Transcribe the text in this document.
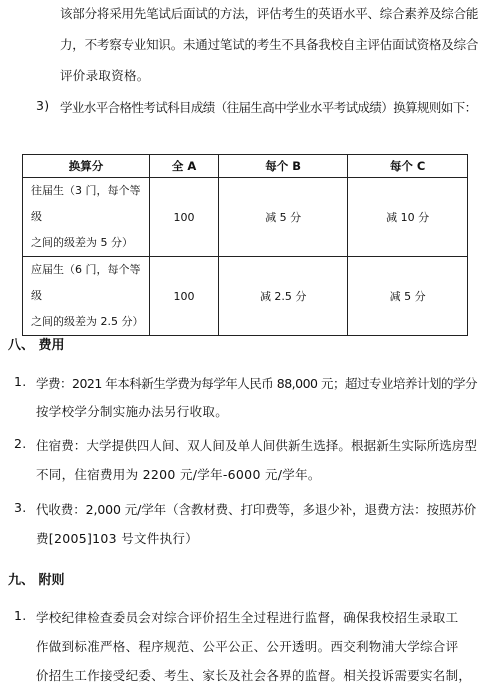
该部分将采用先笔试后面试的方法，评估考生的英语水平、综合素养及综合能
力，不考察专业知识。未通过笔试的考生不具备我校自主评估面试资格及综合
评价录取资格。
3) 学业水平合格性考试科目成绩（往届生高中学业水平考试成绩）换算规则如下：
换算分	全 A	每个 B	每个 C

往届生（3 门，每个等级
之间的级差为 5 分）	100	减 5 分	减 10 分

应届生（6 门，每个等级
之间的级差为 2.5 分）	100	减 2.5 分	减 5 分
八、 费用
1. 学费：2021 年本科新生学费为每学年人民币 88,000 元；超过专业培养计划的学分
按学校学分制实施办法另行收取。
2. 住宿费：大学提供四人间、双人间及单人间供新生选择。根据新生实际所选房型
不同，住宿费用为 2200 元/学年-6000 元/学年。
3. 代收费：2,000 元/学年（含教材费、打印费等，多退少补，退费方法：按照苏价
费[2005]103 号文件执行）
九、 附则
1. 学校纪律检查委员会对综合评价招生全过程进行监督，确保我校招生录取工
作做到标准严格、程序规范、公平公正、公开透明。西交利物浦大学综合评
价招生工作接受纪委、考生、家长及社会各界的监督。相关投诉需要实名制，
